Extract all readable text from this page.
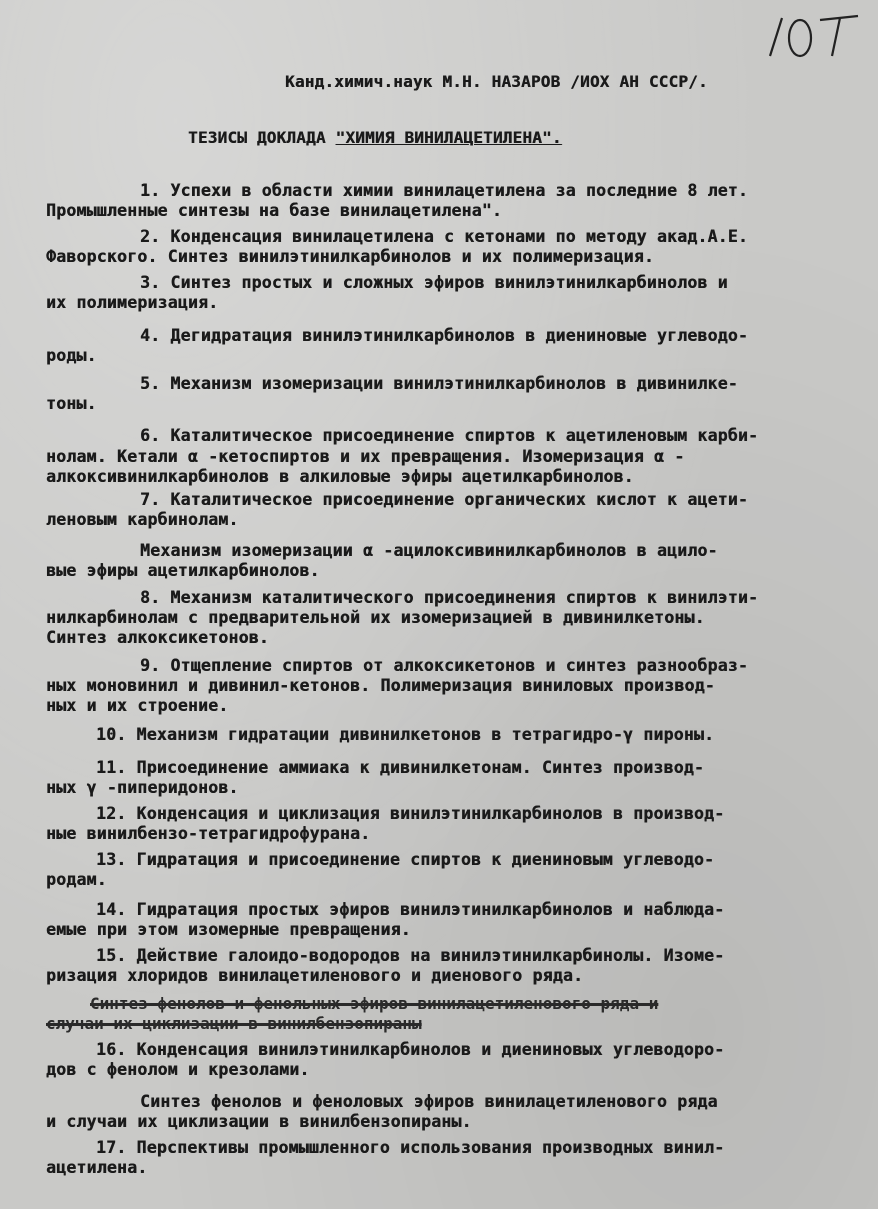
Канд.химич.наук М.Н. НАЗАРОВ /ИОХ АН СССР/.
ТЕЗИСЫ ДОКЛАДА "ХИМИЯ ВИНИЛАЦЕТИЛЕНА".
1. Успехи в области химии винилацетилена за последние 8 лет.
Промышленные синтезы на базе винилацетилена".
2. Конденсация винилацетилена с кетонами по методу акад.А.Е.
Фаворского. Синтез винилэтинилкарбинолов и их полимеризация.
3. Синтез простых и сложных эфиров винилэтинилкарбинолов и
их полимеризация.
4. Дегидратация винилэтинилкарбинолов в диениновые углеводо-
роды.
5. Механизм изомеризации винилэтинилкарбинолов в дивинилке-
тоны.
6. Каталитическое присоединение спиртов к ацетиленовым карби-
нолам. Кетали α -кетоспиртов и их превращения. Изомеризация α -
алкоксивинилкарбинолов в алкиловые эфиры ацетилкарбинолов.
7. Каталитическое присоединение органических кислот к ацети-
леновым карбинолам.
Механизм изомеризации α -ацилоксивинилкарбинолов в ацило-
вые эфиры ацетилкарбинолов.
8. Механизм каталитического присоединения спиртов к винилэти-
нилкарбинолам с предварительной их изомеризацией в дивинилкетоны.
Синтез алкоксикетонов.
9. Отщепление спиртов от алкоксикетонов и синтез разнообраз-
ных моновинил и дивинил-кетонов. Полимеризация виниловых производ-
ных и их строение.
10. Механизм гидратации дивинилкетонов в тетрагидро-γ пироны.
11. Присоединение аммиака к дивинилкетонам. Синтез производ-
ных γ -пиперидонов.
12. Конденсация и циклизация винилэтинилкарбинолов в производ-
ные винилбензо-тетрагидрофурана.
13. Гидратация и присоединение спиртов к диениновым углеводо-
родам.
14. Гидратация простых эфиров винилэтинилкарбинолов и наблюда-
емые при этом изомерные превращения.
15. Действие галоидо-водородов на винилэтинилкарбинолы. Изоме-
ризация хлоридов винилацетиленового и диенового ряда.
Синтез фенолов и фенольных эфиров винилацетиленового ряда и
случаи их циклизации в винилбензопираны
16. Конденсация винилэтинилкарбинолов и диениновых углеводоро-
дов с фенолом и крезолами.
Синтез фенолов и феноловых эфиров винилацетиленового ряда
и случаи их циклизации в винилбензопираны.
17. Перспективы промышленного использования производных винил-
ацетилена.
